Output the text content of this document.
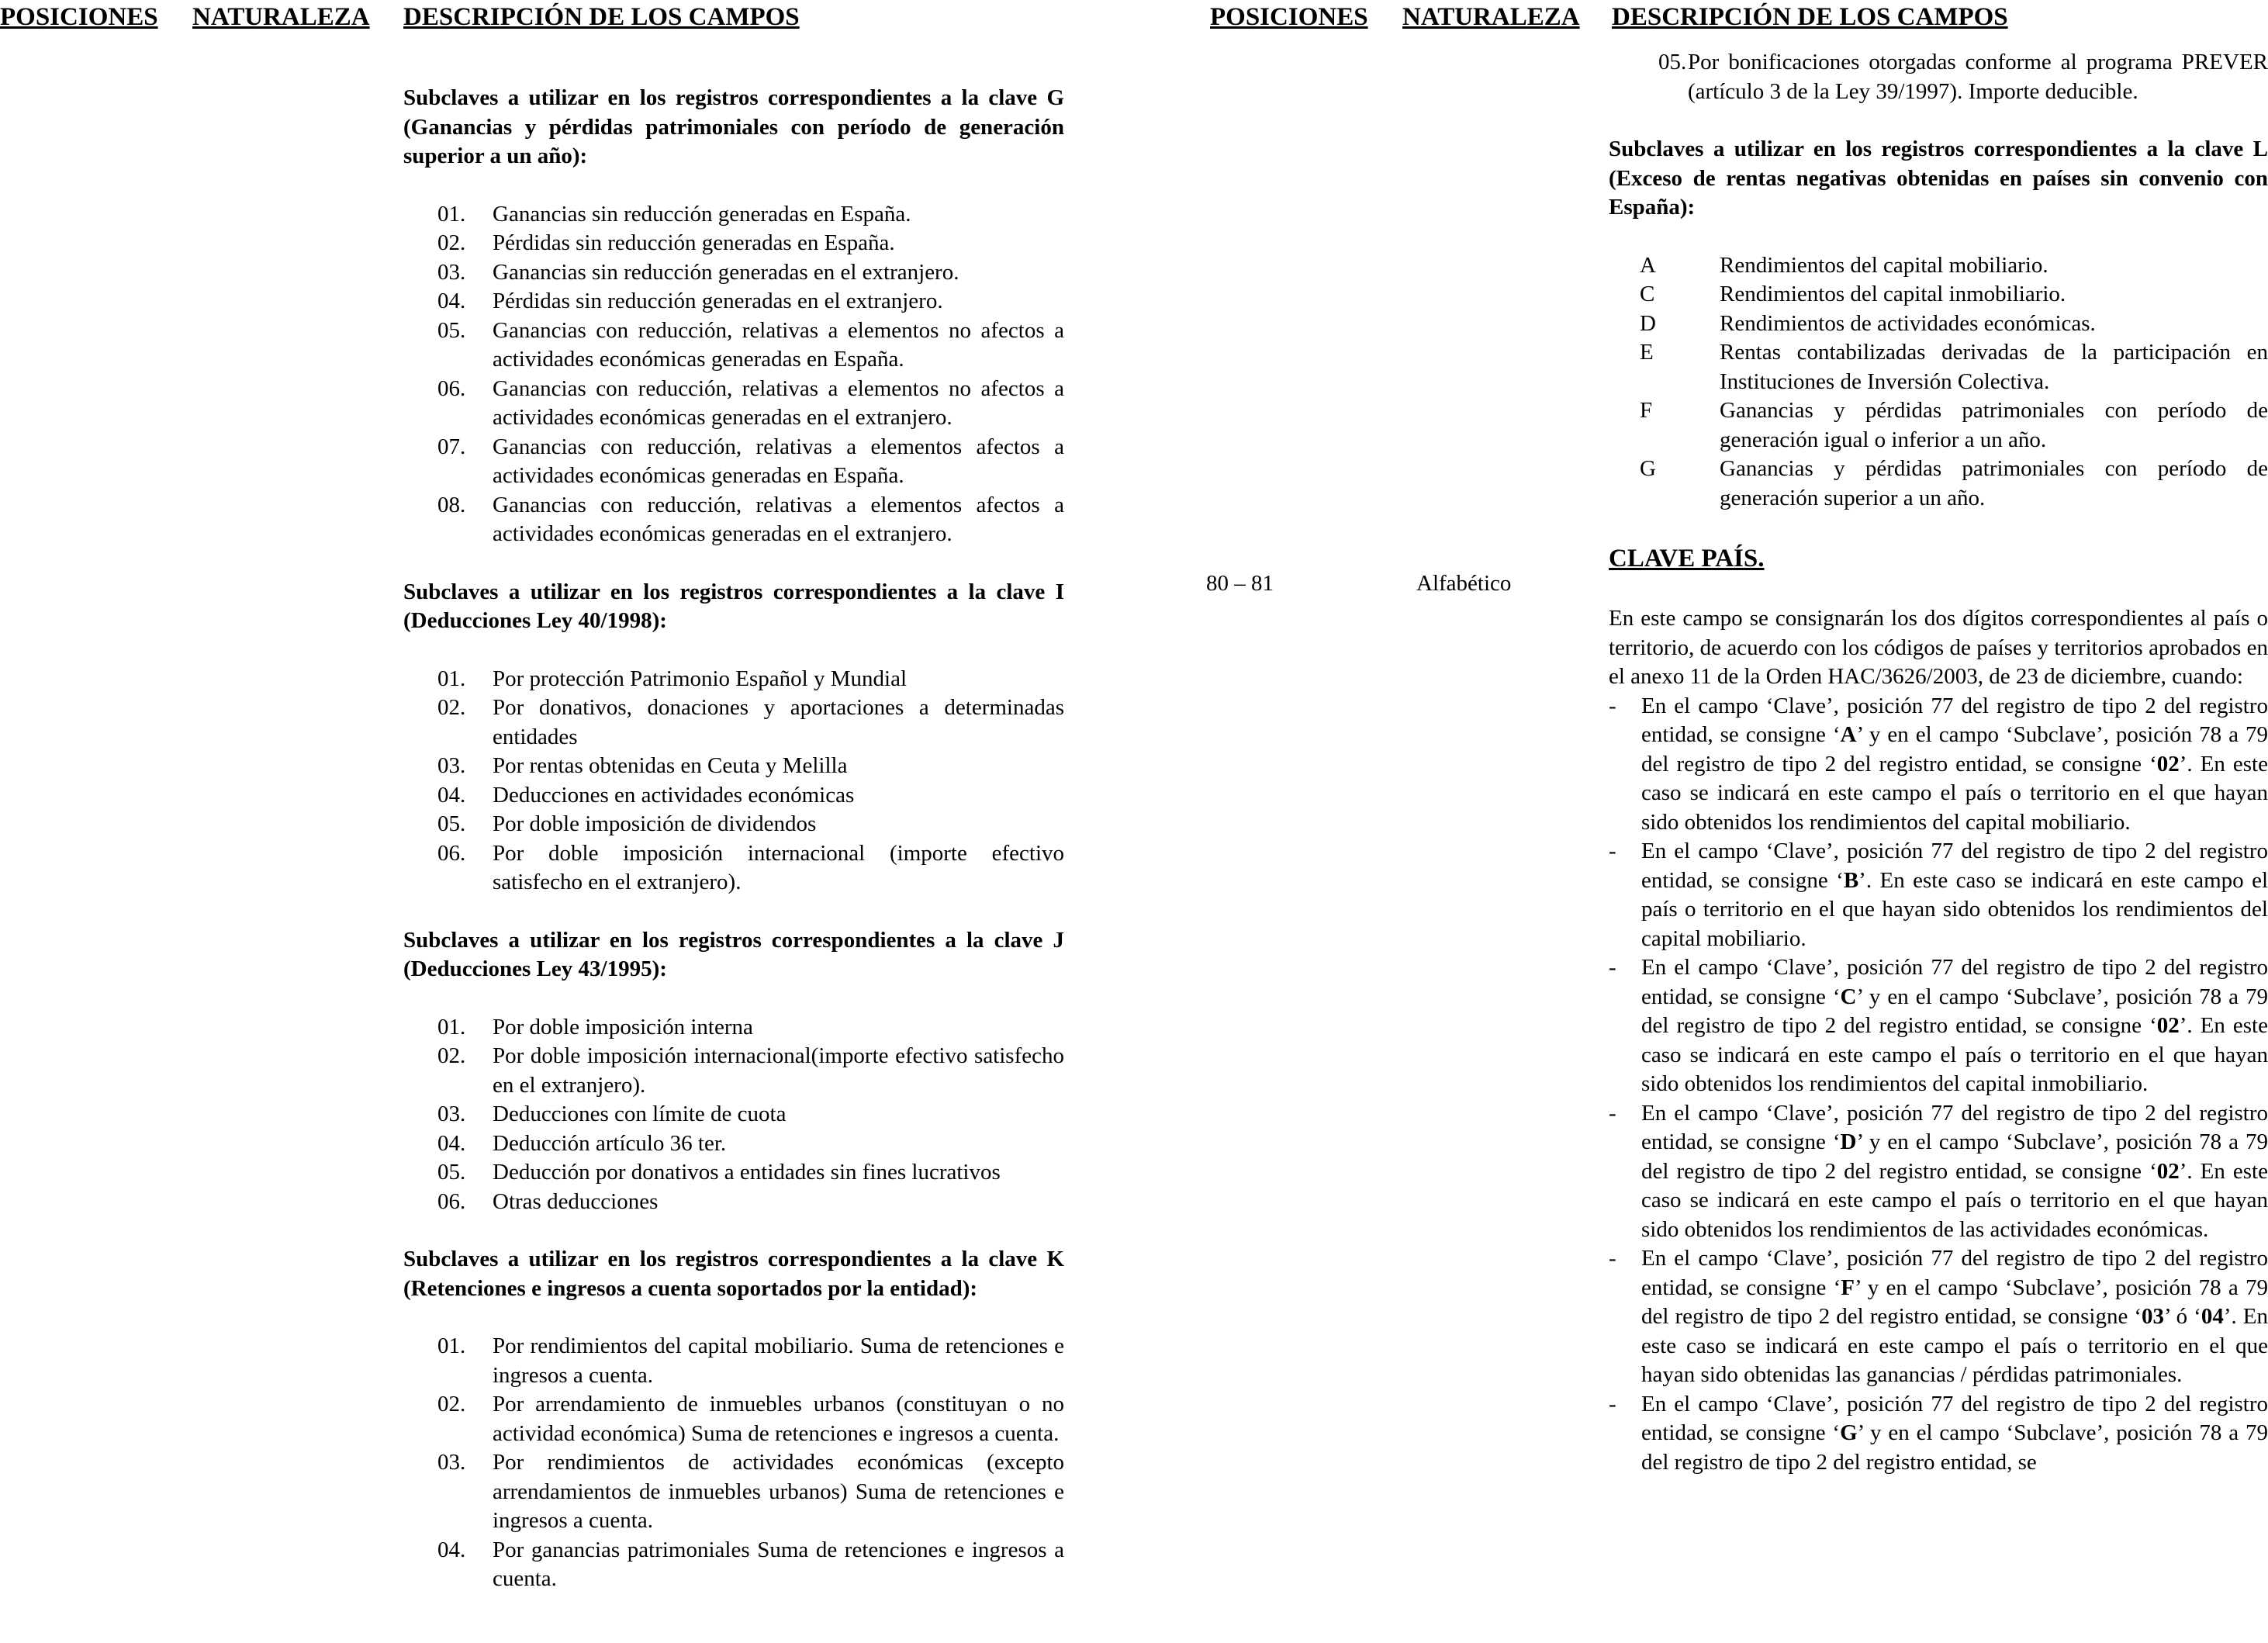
POSICIONES NATURALEZA DESCRIPCIÓN DE LOS CAMPOS	POSICIONES NATURALEZA DESCRIPCIÓN DE LOS CAMPOS
Subclaves a utilizar en los registros correspondientes a la clave G (Ganancias y pérdidas patrimoniales con período de generación superior a un año):
01.	Ganancias sin reducción generadas en España.
02.	Pérdidas sin reducción generadas en España.
03.	Ganancias sin reducción generadas en el extranjero.
04.	Pérdidas sin reducción generadas en el extranjero.
05.	Ganancias con reducción, relativas a elementos no afectos a actividades económicas generadas en España.
06.	Ganancias con reducción, relativas a elementos no afectos a actividades económicas generadas en el extranjero.
07.	Ganancias con reducción, relativas a elementos afectos a actividades económicas generadas en España.
08.	Ganancias con reducción, relativas a elementos afectos a actividades económicas generadas en el extranjero.
Subclaves a utilizar en los registros correspondientes a la clave I (Deducciones Ley 40/1998):
01.	Por protección Patrimonio Español y Mundial
02.	Por donativos, donaciones y aportaciones a determinadas entidades
03.	Por rentas obtenidas en Ceuta y Melilla
04.	Deducciones en actividades económicas
05.	Por doble imposición de dividendos
06.	Por doble imposición internacional (importe efectivo satisfecho en el extranjero).
Subclaves a utilizar en los registros correspondientes a la clave J (Deducciones Ley 43/1995):
01.	Por doble imposición interna
02.	Por doble imposición internacional(importe efectivo satisfecho en el extranjero).
03.	Deducciones con límite de cuota
04.	Deducción artículo 36 ter.
05.	Deducción por donativos a entidades sin fines lucrativos
06.	Otras deducciones
Subclaves a utilizar en los registros correspondientes a la clave K (Retenciones e ingresos a cuenta soportados por la entidad):
01.	Por rendimientos del capital mobiliario. Suma de retenciones e ingresos a cuenta.
02.	Por arrendamiento de inmuebles urbanos (constituyan o no actividad económica) Suma de retenciones e ingresos a cuenta.
03.	Por rendimientos de actividades económicas (excepto arrendamientos de inmuebles urbanos) Suma de retenciones e ingresos a cuenta.
04.	Por ganancias patrimoniales Suma de retenciones e ingresos a cuenta.
05. Por bonificaciones otorgadas conforme al programa PREVER (artículo 3 de la Ley 39/1997). Importe deducible.
Subclaves a utilizar en los registros correspondientes a la clave L (Exceso de rentas negativas obtenidas en países sin convenio con España):
A	Rendimientos del capital mobiliario.
C	Rendimientos del capital inmobiliario.
D	Rendimientos de actividades económicas.
E	Rentas contabilizadas derivadas de la participación en Instituciones de Inversión Colectiva.
F	Ganancias y pérdidas patrimoniales con período de generación igual o inferior a un año.
G	Ganancias y pérdidas patrimoniales con período de generación superior a un año.
CLAVE PAÍS.

En este campo se consignarán los dos dígitos correspondientes al país o territorio, de acuerdo con los códigos de países y territorios aprobados en el anexo 11 de la Orden HAC/3626/2003, de 23 de diciembre, cuando:

-	En el campo ‘Clave’, posición 77 del registro de tipo 2 del registro entidad, se consigne ‘A’ y en el campo ‘Subclave’, posición 78 a 79 del registro de tipo 2 del registro entidad, se consigne ‘02’. En este caso se indicará en este campo el país o territorio en el que hayan sido obtenidos los rendimientos del capital mobiliario.
-	En el campo ‘Clave’, posición 77 del registro de tipo 2 del registro entidad, se consigne ‘B’. En este caso se indicará en este campo el país o territorio en el que hayan sido obtenidos los rendimientos del capital mobiliario.
-	En el campo ‘Clave’, posición 77 del registro de tipo 2 del registro entidad, se consigne ‘C’ y en el campo ‘Subclave’, posición 78 a 79 del registro de tipo 2 del registro entidad, se consigne ‘02’. En este caso se indicará en este campo el país o territorio en el que hayan sido obtenidos los rendimientos del capital inmobiliario.
-	En el campo ‘Clave’, posición 77 del registro de tipo 2 del registro entidad, se consigne ‘D’ y en el campo ‘Subclave’, posición 78 a 79 del registro de tipo 2 del registro entidad, se consigne ‘02’. En este caso se indicará en este campo el país o territorio en el que hayan sido obtenidos los rendimientos de las actividades económicas.
-	En el campo ‘Clave’, posición 77 del registro de tipo 2 del registro entidad, se consigne ‘F’ y en el campo ‘Subclave’, posición 78 a 79 del registro de tipo 2 del registro entidad, se consigne ‘03’ ó ‘04’. En este caso se indicará en este campo el país o territorio en el que hayan sido obtenidas las ganancias / pérdidas patrimoniales.
-	En el campo ‘Clave’, posición 77 del registro de tipo 2 del registro entidad, se consigne ‘G’ y en el campo ‘Subclave’, posición 78 a 79 del registro de tipo 2 del registro entidad, se
80 – 81	Alfabético
